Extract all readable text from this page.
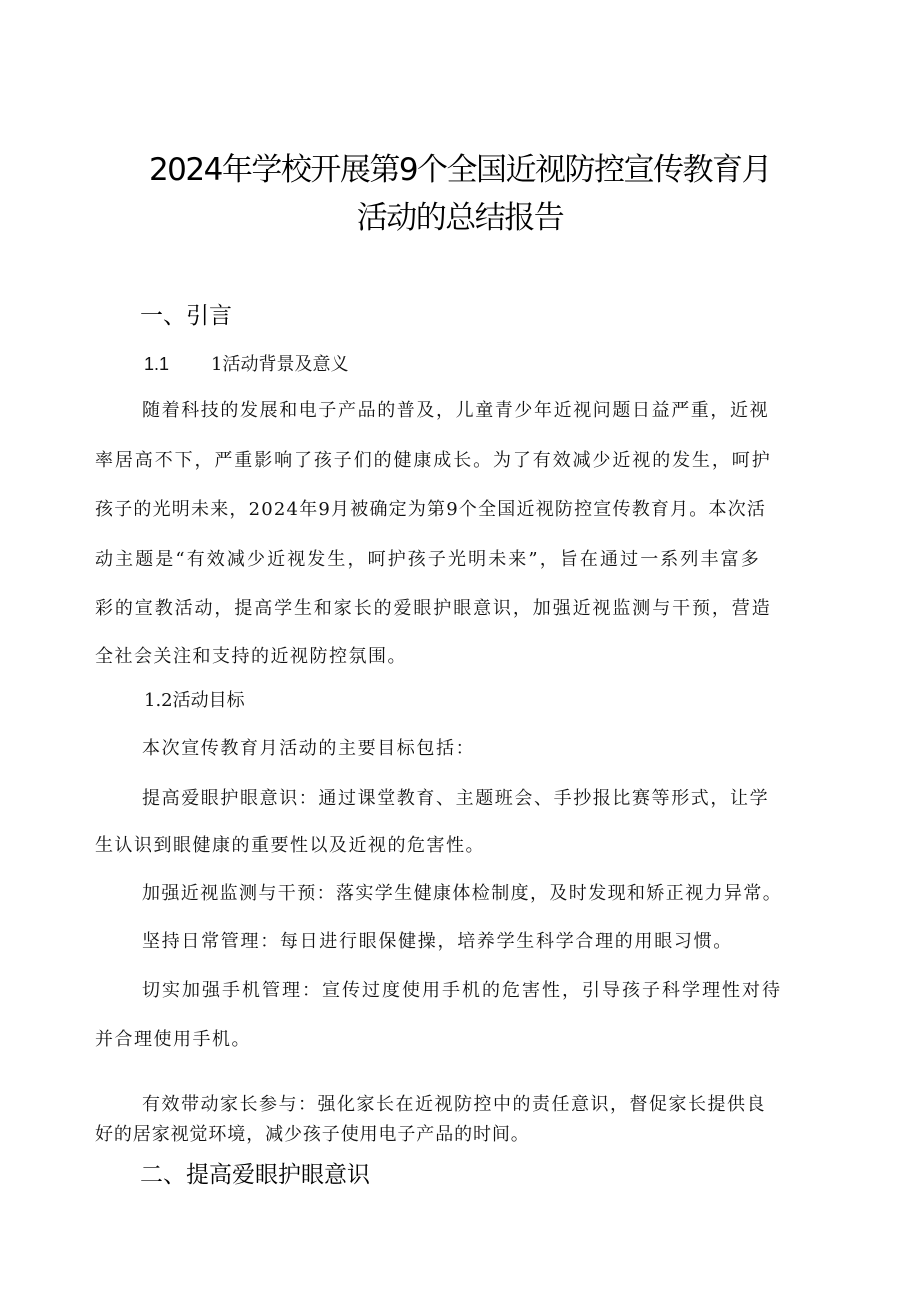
2024年学校开展第9个全国近视防控宣传教育月
活动的总结报告
一、引言
1.1 1活动背景及意义
随着科技的发展和电子产品的普及，儿童青少年近视问题日益严重，近视
率居高不下，严重影响了孩子们的健康成长。为了有效减少近视的发生，呵护
孩子的光明未来，2024年9月被确定为第9个全国近视防控宣传教育月。本次活
动主题是“有效减少近视发生，呵护孩子光明未来”，旨在通过一系列丰富多
彩的宣教活动，提高学生和家长的爱眼护眼意识，加强近视监测与干预，营造
全社会关注和支持的近视防控氛围。
1.2活动目标
本次宣传教育月活动的主要目标包括：
提高爱眼护眼意识：通过课堂教育、主题班会、手抄报比赛等形式，让学
生认识到眼健康的重要性以及近视的危害性。
加强近视监测与干预：落实学生健康体检制度，及时发现和矫正视力异常。
坚持日常管理：每日进行眼保健操，培养学生科学合理的用眼习惯。
切实加强手机管理：宣传过度使用手机的危害性，引导孩子科学理性对待
并合理使用手机。
有效带动家长参与：强化家长在近视防控中的责任意识，督促家长提供良
好的居家视觉环境，减少孩子使用电子产品的时间。
二、提高爱眼护眼意识
